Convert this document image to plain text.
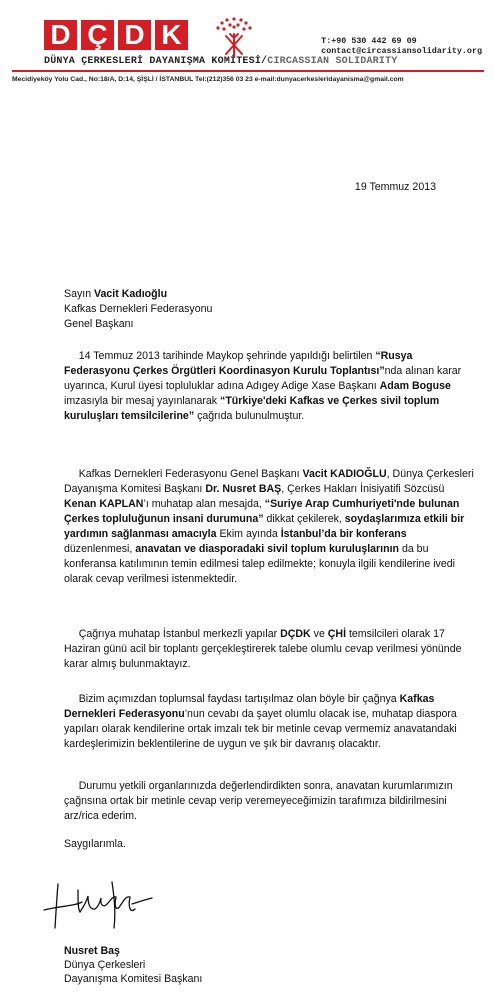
D Ç D K	T:+90 530 442 69 09
contact@circassiansolidarity.org
DÜNYA ÇERKESLERİ DAYANIŞMA KOMİTESİ/CIRCASSIAN SOLIDARITY
Mecidiyeköy Yolu Cad., No:18/A, D:14, ŞİŞLİ / İSTANBUL Tel:(212)356 03 23 e-mail:dunyacerkesleridayanisma@gmail.com
19 Temmuz 2013
Sayın Vacit Kadıoğlu
Kafkas Dernekleri Federasyonu
Genel Başkanı

14 Temmuz 2013 tarihinde Maykop şehrinde yapıldığı belirtilen “Rusya Federasyonu Çerkes Örgütleri Koordinasyon Kurulu Toplantısı”nda alınan karar uyarınca, Kurul üyesi topluluklar adına Adıgey Adige Xase Başkanı Adam Boguse imzasıyla bir mesaj yayınlanarak “Türkiye'deki Kafkas ve Çerkes sivil toplum kuruluşları temsilcilerine” çağrıda bulunulmuştur.

Kafkas Dernekleri Federasyonu Genel Başkanı Vacit KADIOĞLU, Dünya Çerkesleri Dayanışma Komitesi Başkanı Dr. Nusret BAŞ, Çerkes Hakları İnisiyatifi Sözcüsü Kenan KAPLAN’ı muhatap alan mesajda, “Suriye Arap Cumhuriyeti'nde bulunan Çerkes topluluğunun insani durumuna” dikkat çekilerek, soydaşlarımıza etkili bir yardımın sağlanması amacıyla Ekim ayında İstanbul’da bir konferans düzenlenmesi, anavatan ve diasporadaki sivil toplum kuruluşlarının da bu konferansa katılımının temin edilmesi talep edilmekte; konuyla ilgili kendilerine ivedi olarak cevap verilmesi istenmektedir.

Çağrıya muhatap İstanbul merkezli yapılar DÇDK ve ÇHİ temsilcileri olarak 17 Haziran günü acil bir toplantı gerçekleştirerek talebe olumlu cevap verilmesi yönünde karar almış bulunmaktayız.

Bizim açımızdan toplumsal faydası tartışılmaz olan böyle bir çağnya Kafkas Dernekleri Federasyonu’nun cevabı da şayet olumlu olacak ise, muhatap diaspora yapıları olarak kendilerine ortak imzalı tek bir metinle cevap vermemiz anavatandaki kardeşlerimizin beklentilerine de uygun ve şık bir davranış olacaktır.

Durumu yetkili organlarınızda değerlendirdikten sonra, anavatan kurumlarımızın çağnsına ortak bir metinle cevap verip veremeyeceğimizin tarafımıza bildirilmesini arz/rica ederim.

Saygılarımla.
Nusret Baş
Dünya Çerkesleri
Dayanışma Komitesi Başkanı
